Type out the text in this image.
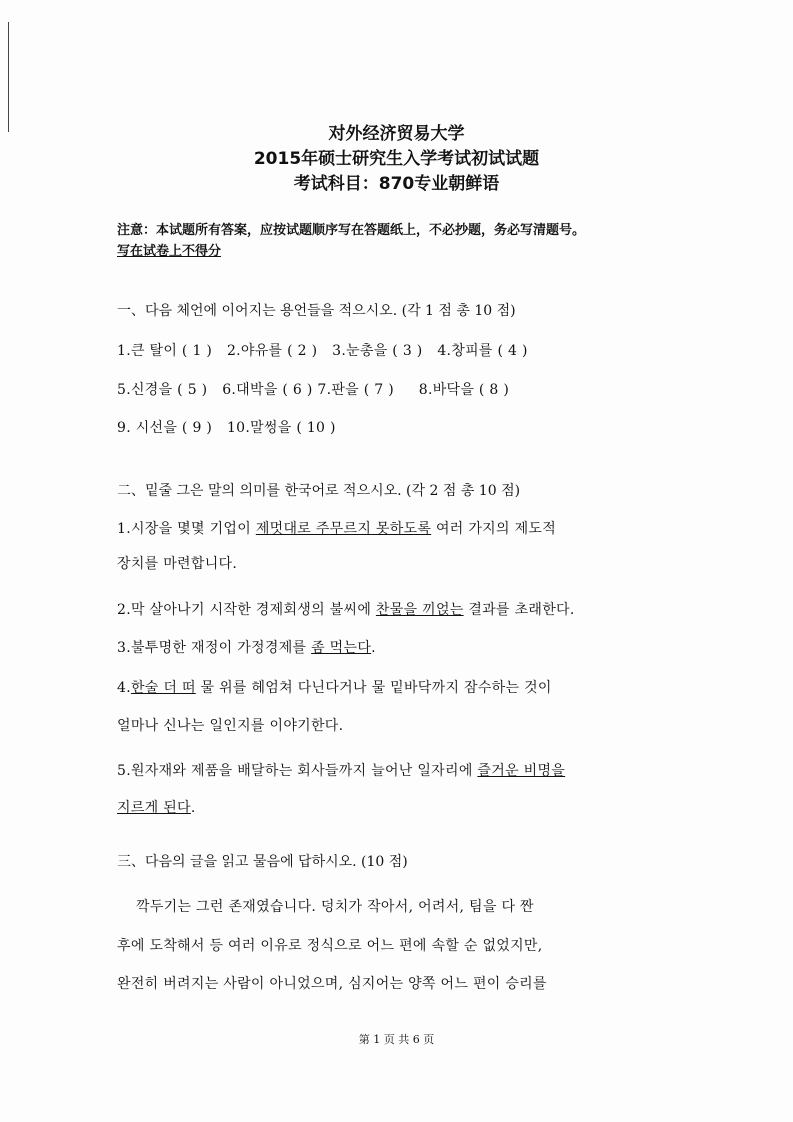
对外经济贸易大学
2015年硕士研究生入学考试初试试题
考试科目：870专业朝鲜语
注意：本试题所有答案，应按试题顺序写在答题纸上，不必抄题，务必写清题号。
写在试卷上不得分
一、다음 체언에 이어지는 용언들을 적으시오. (각 1 점 총 10 점)
1.큰 탈이 ( 1 ) 2.야유를 ( 2 ) 3.눈총을 ( 3 ) 4.창피를 ( 4 )
5.신경을 ( 5 ) 6.대박을 ( 6 ) 7.판을 ( 7 ) 8.바닥을 ( 8 )
9. 시선을 ( 9 ) 10.말썽을 ( 10 )
二、밑줄 그은 말의 의미를 한국어로 적으시오. (각 2 점 총 10 점)
1.시장을 몇몇 기업이 제멋대로 주무르지 못하도록 여러 가지의 제도적
장치를 마련합니다.
2.막 살아나기 시작한 경제회생의 불씨에 찬물을 끼얹는 결과를 초래한다.
3.불투명한 재정이 가정경제를 좀 먹는다.
4.한술 더 떠 물 위를 헤엄쳐 다닌다거나 물 밑바닥까지 잠수하는 것이
얼마나 신나는 일인지를 이야기한다.
5.원자재와 제품을 배달하는 회사들까지 늘어난 일자리에 즐거운 비명을
지르게 된다.
三、다음의 글을 읽고 물음에 답하시오. (10 점)
깍두기는 그런 존재였습니다. 덩치가 작아서, 어려서, 팀을 다 짠
후에 도착해서 등 여러 이유로 정식으로 어느 편에 속할 순 없었지만,
완전히 버려지는 사람이 아니었으며, 심지어는 양쪽 어느 편이 승리를
第 1 页 共 6 页
